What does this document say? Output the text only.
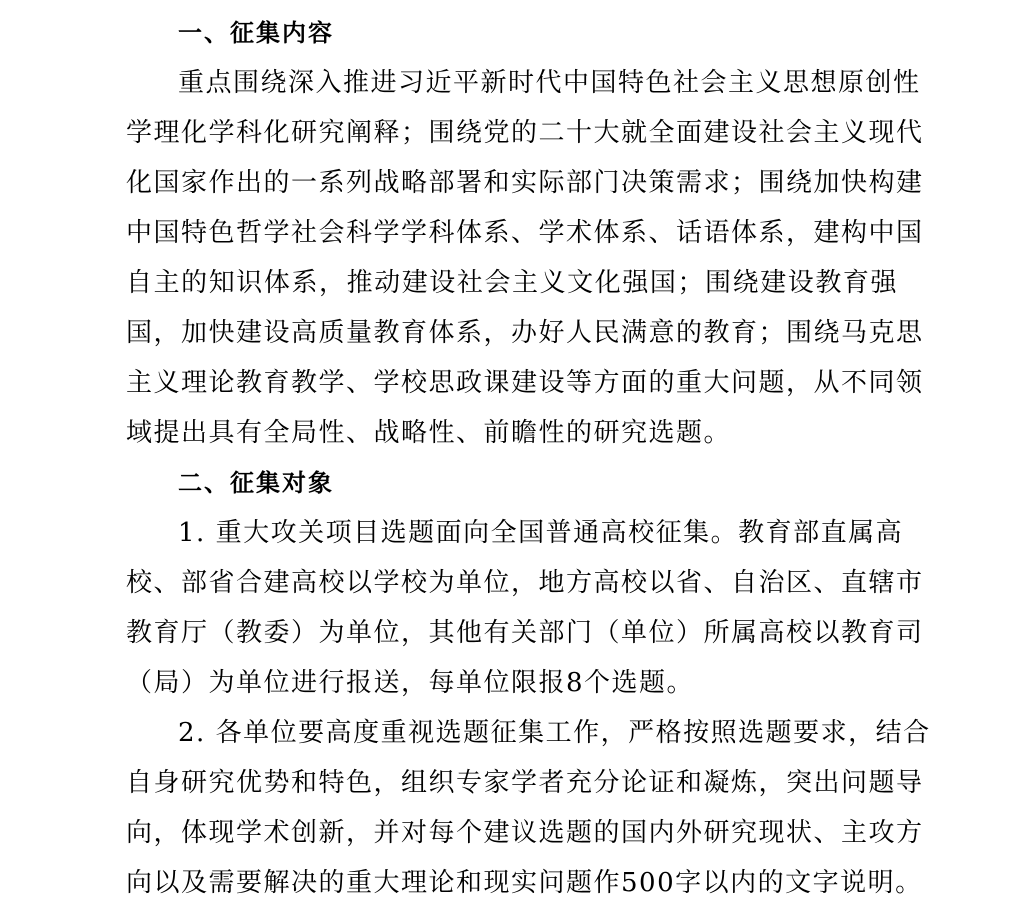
一、征集内容
重点围绕深入推进习近平新时代中国特色社会主义思想原创性
学理化学科化研究阐释；围绕党的二十大就全面建设社会主义现代
化国家作出的一系列战略部署和实际部门决策需求；围绕加快构建
中国特色哲学社会科学学科体系、学术体系、话语体系，建构中国
自主的知识体系，推动建设社会主义文化强国；围绕建设教育强
国，加快建设高质量教育体系，办好人民满意的教育；围绕马克思
主义理论教育教学、学校思政课建设等方面的重大问题，从不同领
域提出具有全局性、战略性、前瞻性的研究选题。
二、征集对象
1. 重大攻关项目选题面向全国普通高校征集。教育部直属高
校、部省合建高校以学校为单位，地方高校以省、自治区、直辖市
教育厅（教委）为单位，其他有关部门（单位）所属高校以教育司
（局）为单位进行报送，每单位限报8个选题。
2. 各单位要高度重视选题征集工作，严格按照选题要求，结合
自身研究优势和特色，组织专家学者充分论证和凝炼，突出问题导
向，体现学术创新，并对每个建议选题的国内外研究现状、主攻方
向以及需要解决的重大理论和现实问题作500字以内的文字说明。
